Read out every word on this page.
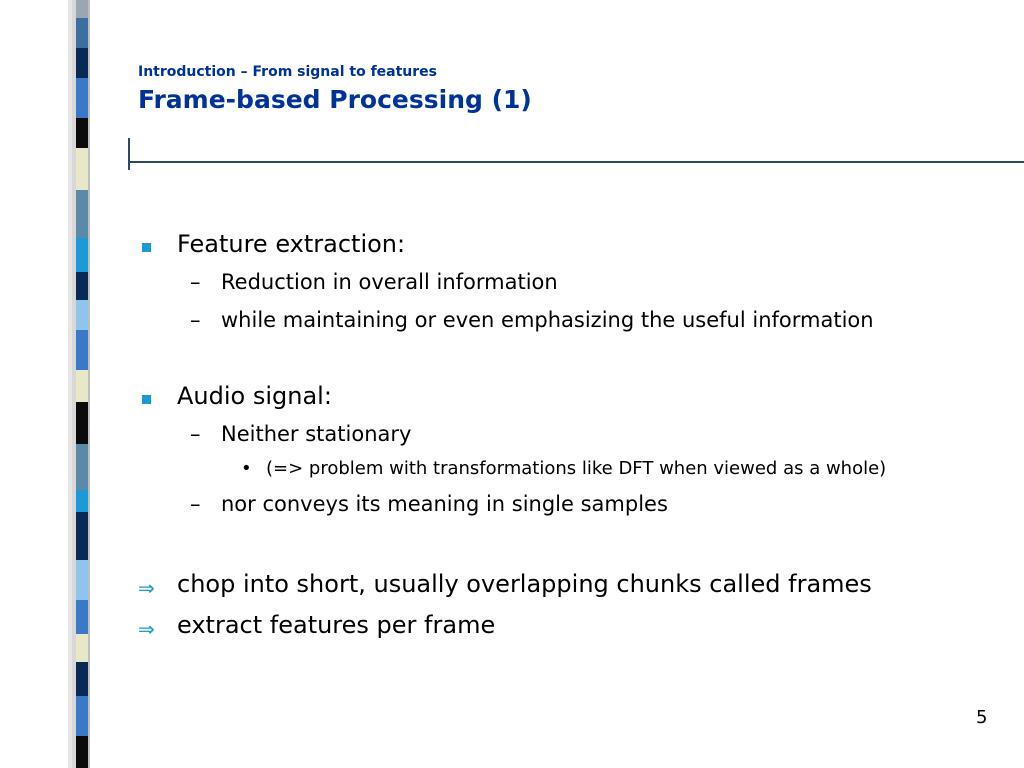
Introduction – From signal to features
Frame-based Processing (1)
Feature extraction:
– Reduction in overall information
– while maintaining or even emphasizing the useful information
Audio signal:
– Neither stationary
• (=> problem with transformations like DFT when viewed as a whole)
– nor conveys its meaning in single samples
⇒ chop into short, usually overlapping chunks called frames
⇒ extract features per frame
5
